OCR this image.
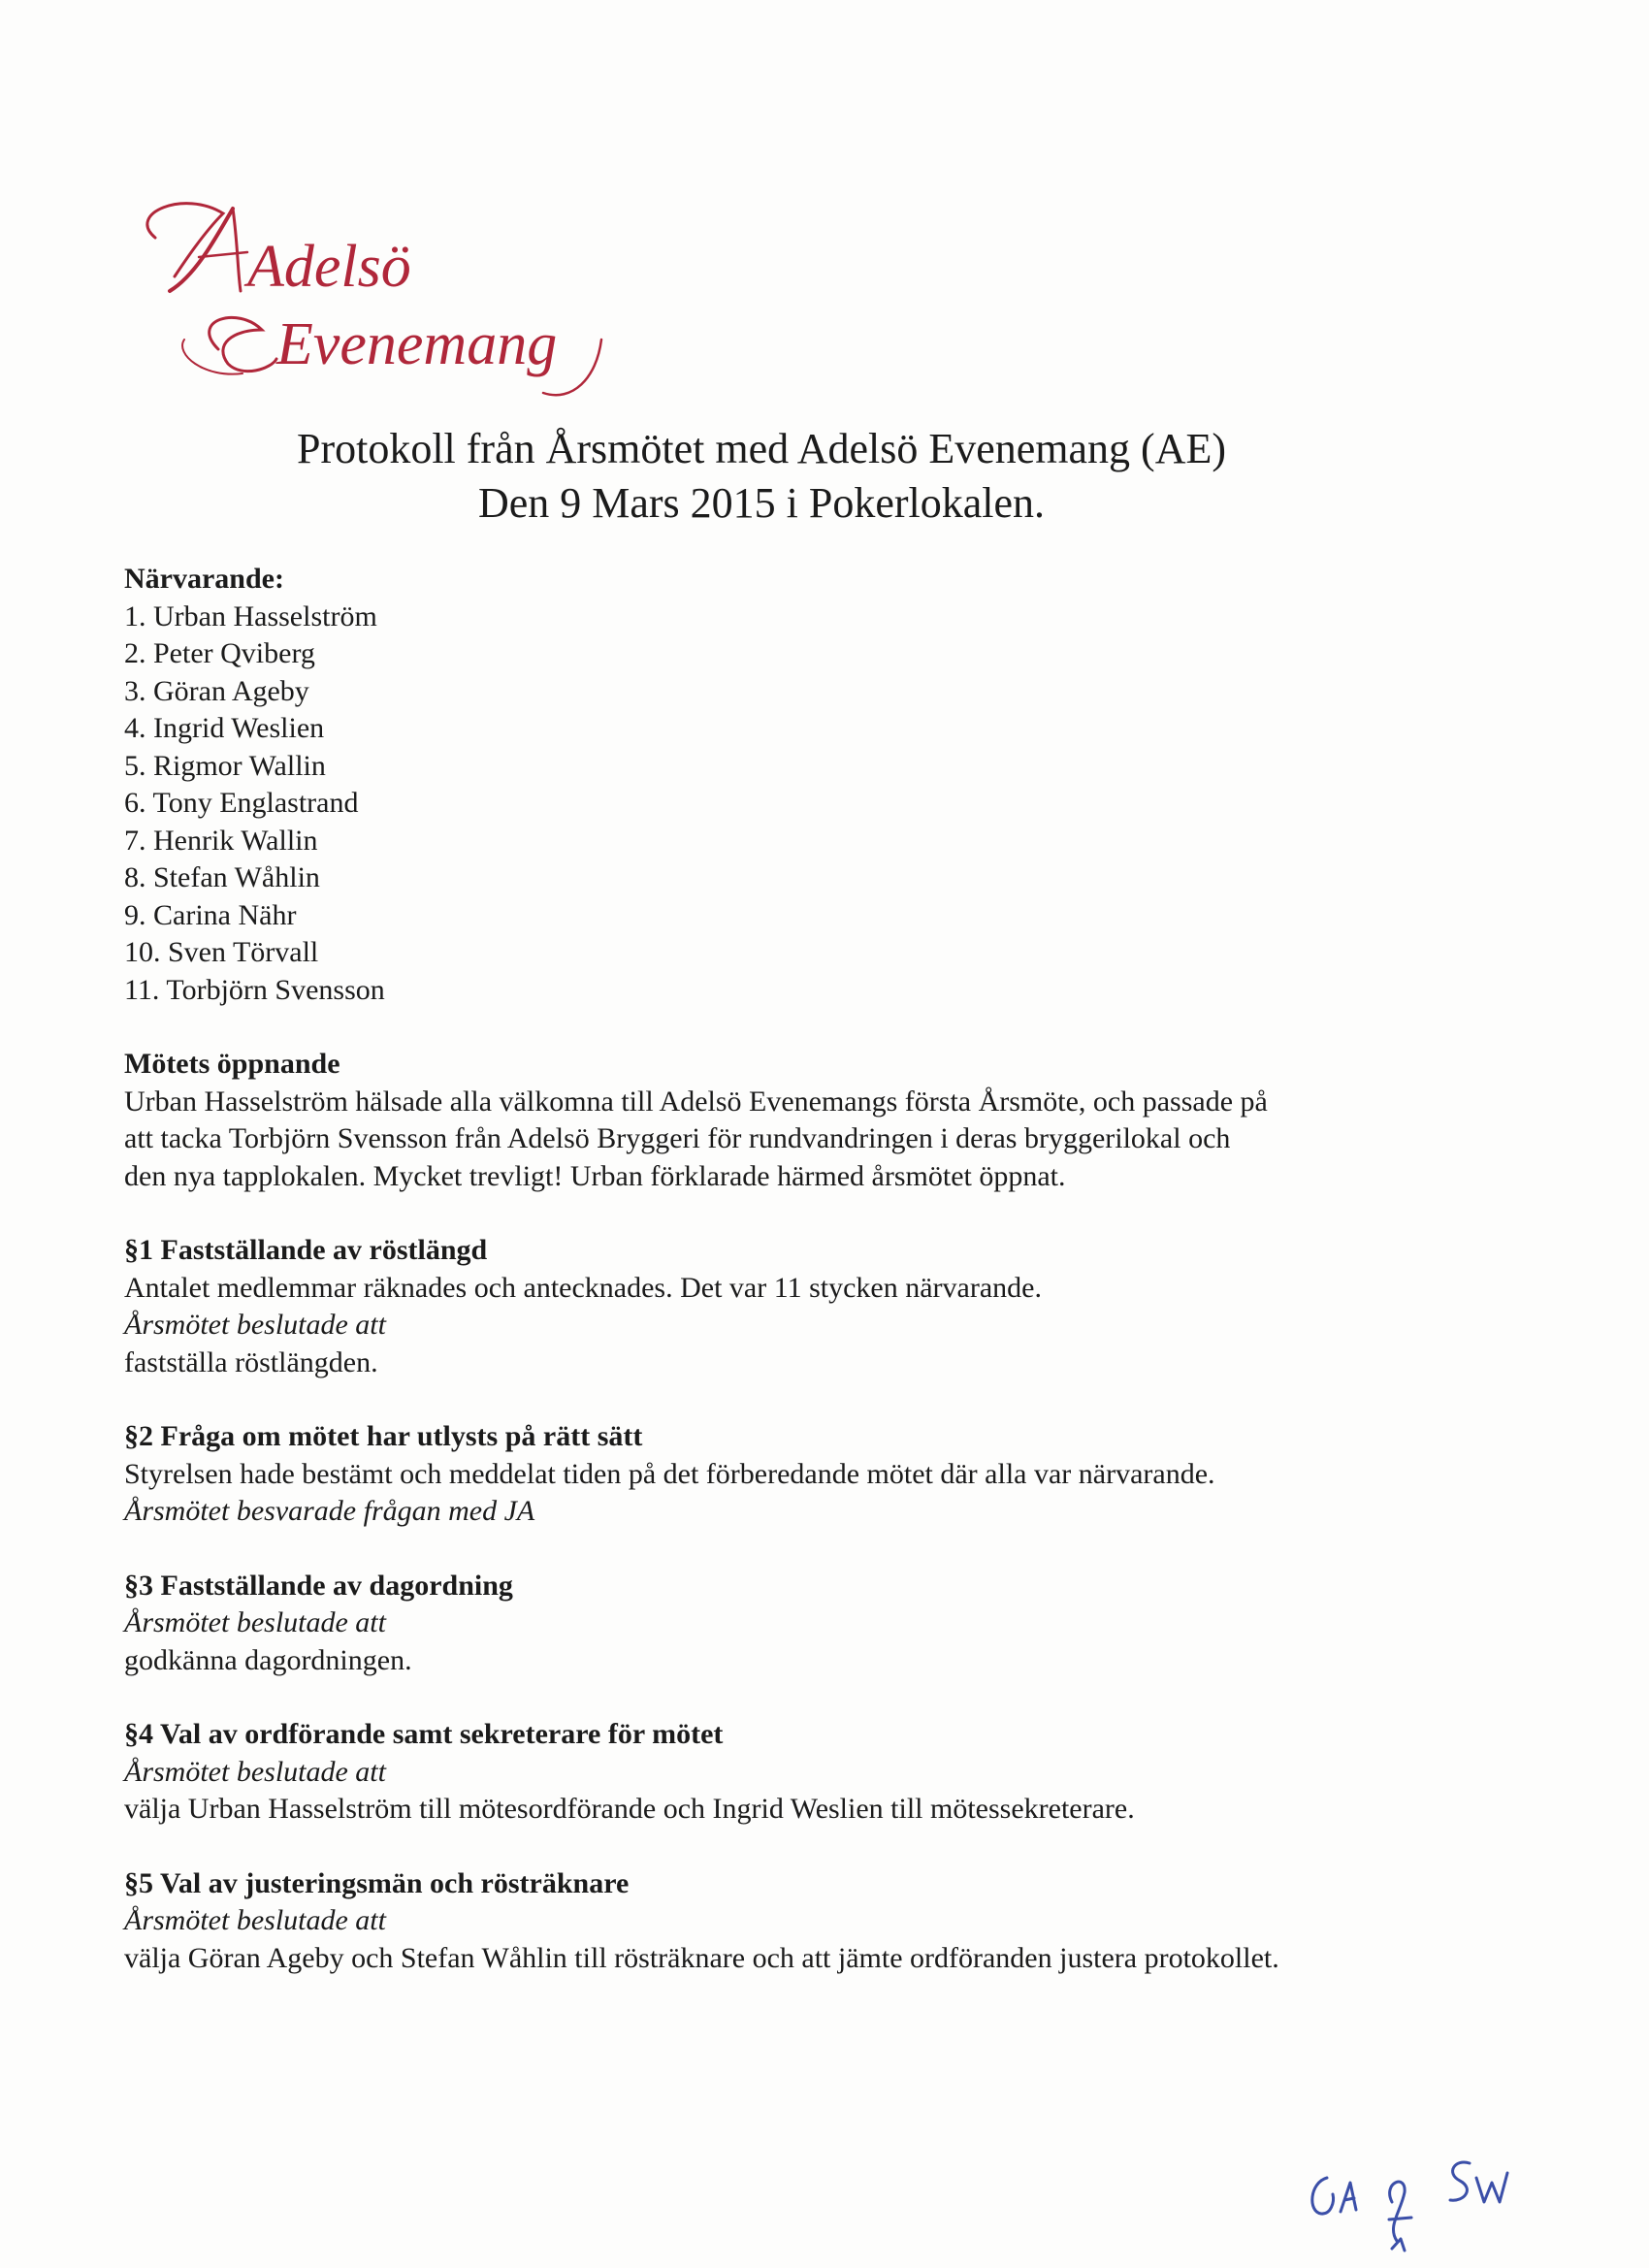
Adelsö
Evenemang
Protokoll från Årsmötet med Adelsö Evenemang (AE)
Den 9 Mars 2015 i Pokerlokalen.

Närvarande:

1. Urban Hasselström
2. Peter Qviberg
3. Göran Ageby
4. Ingrid Weslien
5. Rigmor Wallin
6. Tony Englastrand
7. Henrik Wallin
8. Stefan Wåhlin
9. Carina Nähr
10. Sven Törvall
11. Torbjörn Svensson

Mötets öppnande

Urban Hasselström hälsade alla välkomna till Adelsö Evenemangs första Årsmöte, och passade på

att tacka Torbjörn Svensson från Adelsö Bryggeri för rundvandringen i deras bryggerilokal och

den nya tapplokalen. Mycket trevligt! Urban förklarade härmed årsmötet öppnat.

§1 Fastställande av röstlängd

Antalet medlemmar räknades och antecknades. Det var 11 stycken närvarande.

Årsmötet beslutade att

fastställa röstlängden.

§2 Fråga om mötet har utlysts på rätt sätt

Styrelsen hade bestämt och meddelat tiden på det förberedande mötet där alla var närvarande.

Årsmötet besvarade frågan med JA

§3 Fastställande av dagordning

Årsmötet beslutade att

godkänna dagordningen.

§4 Val av ordförande samt sekreterare för mötet

Årsmötet beslutade att

välja Urban Hasselström till mötesordförande och Ingrid Weslien till mötessekreterare.

§5 Val av justeringsmän och rösträknare

Årsmötet beslutade att

välja Göran Ageby och Stefan Wåhlin till rösträknare och att jämte ordföranden justera protokollet.
